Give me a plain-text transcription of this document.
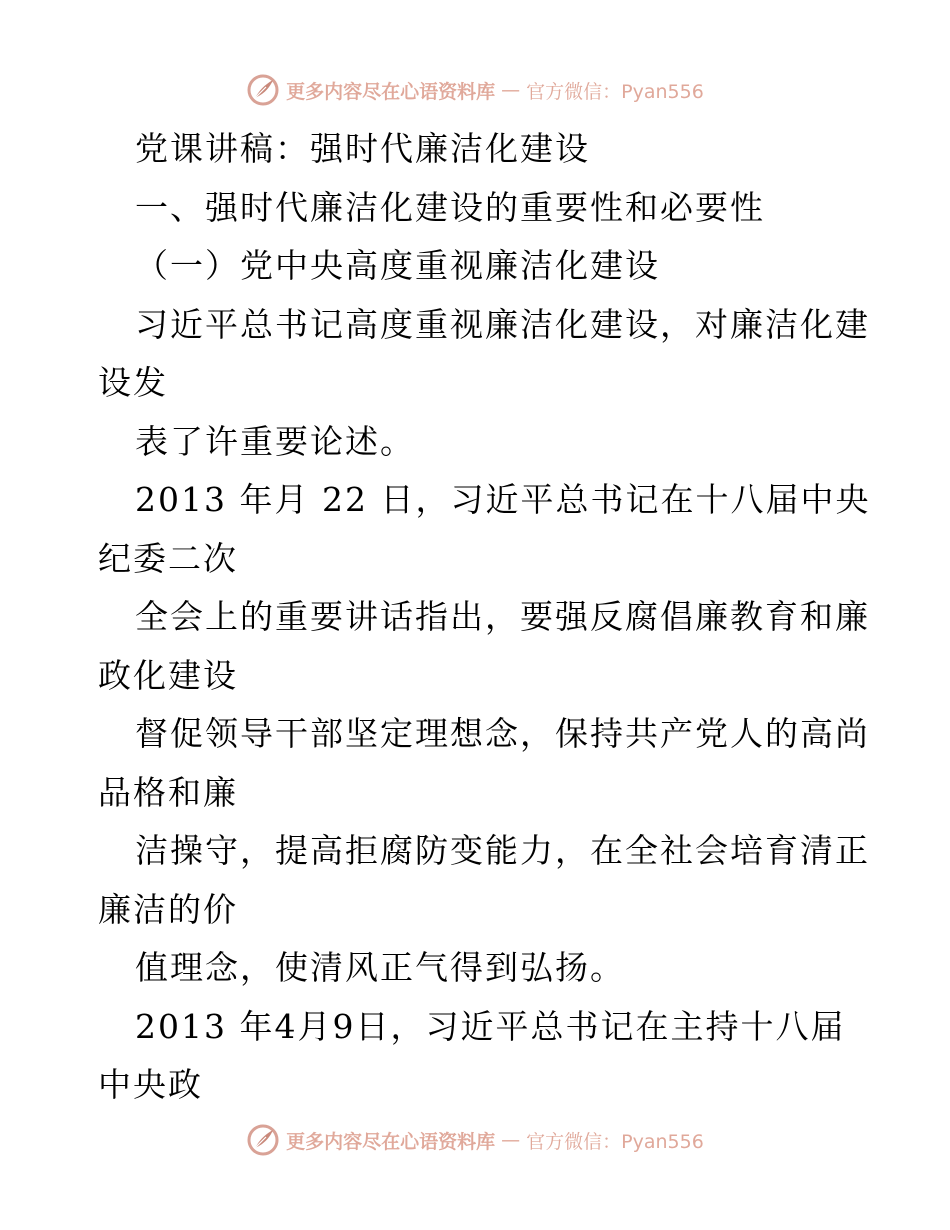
更多内容尽在心语资料库 — 官方微信：Pyan556
党课讲稿：强时代廉洁化建设
一、强时代廉洁化建设的重要性和必要性
（一）党中央高度重视廉洁化建设
习近平总书记高度重视廉洁化建设，对廉洁化建
设发
表了许重要论述。
2013 年月 22 日，习近平总书记在十八届中央
纪委二次
全会上的重要讲话指出，要强反腐倡廉教育和廉
政化建设
督促领导干部坚定理想念，保持共产党人的高尚
品格和廉
洁操守，提高拒腐防变能力，在全社会培育清正
廉洁的价
值理念，使清风正气得到弘扬。
2013 年4月9日，习近平总书记在主持十八届
中央政
更多内容尽在心语资料库 — 官方微信：Pyan556
